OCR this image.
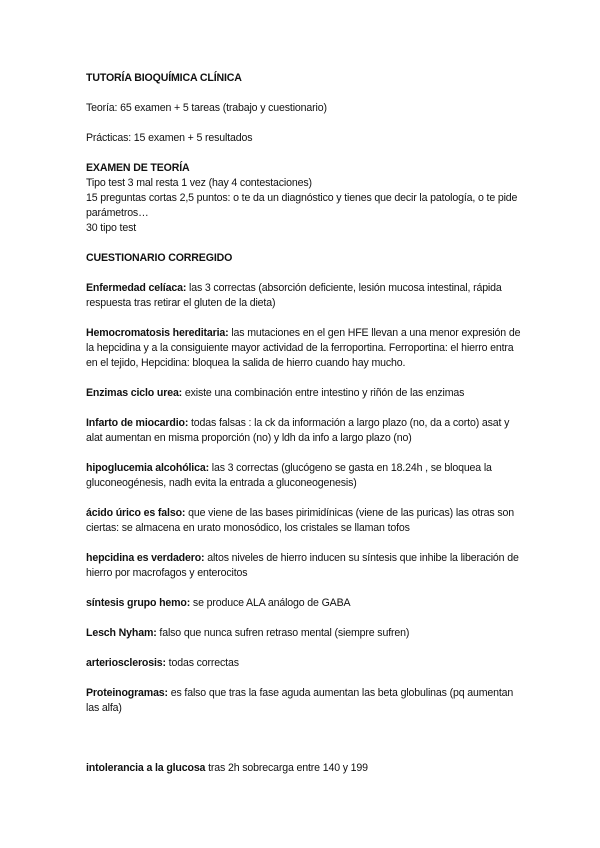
TUTORÍA BIOQUÍMICA CLÍNICA

Teoría: 65 examen + 5 tareas (trabajo y cuestionario)

Prácticas: 15 examen + 5 resultados

EXAMEN DE TEORÍA

Tipo test 3 mal resta 1 vez (hay 4 contestaciones)

15 preguntas cortas 2,5 puntos: o te da un diagnóstico y tienes que decir la patología, o te pide parámetros…

30 tipo test

CUESTIONARIO CORREGIDO

Enfermedad celíaca: las 3 correctas (absorción deficiente, lesión mucosa intestinal, rápida respuesta tras retirar el gluten de la dieta)

Hemocromatosis hereditaria: las mutaciones en el gen HFE llevan a una menor expresión de la hepcidina y a la consiguiente mayor actividad de la ferroportina. Ferroportina: el hierro entra en el tejido, Hepcidina: bloquea la salida de hierro cuando hay mucho.

Enzimas ciclo urea: existe una combinación entre intestino y riñón de las enzimas

Infarto de miocardio: todas falsas : la ck da información a largo plazo (no, da a corto) asat y alat aumentan en misma proporción (no) y ldh da info a largo plazo (no)

hipoglucemia alcohólica: las 3 correctas (glucógeno se gasta en 18.24h , se bloquea la gluconeogénesis, nadh evita la entrada a gluconeogenesis)

ácido úrico es falso: que viene de las bases pirimidínicas (viene de las puricas) las otras son ciertas: se almacena en urato monosódico, los cristales se llaman tofos

hepcidina es verdadero: altos niveles de hierro inducen su síntesis que inhibe la liberación de hierro por macrofagos y enterocitos

síntesis grupo hemo: se produce ALA análogo de GABA

Lesch Nyham: falso que nunca sufren retraso mental (siempre sufren)

arteriosclerosis: todas correctas

Proteinogramas: es falso que tras la fase aguda aumentan las beta globulinas (pq aumentan las alfa)

intolerancia a la glucosa tras 2h sobrecarga entre 140 y 199
